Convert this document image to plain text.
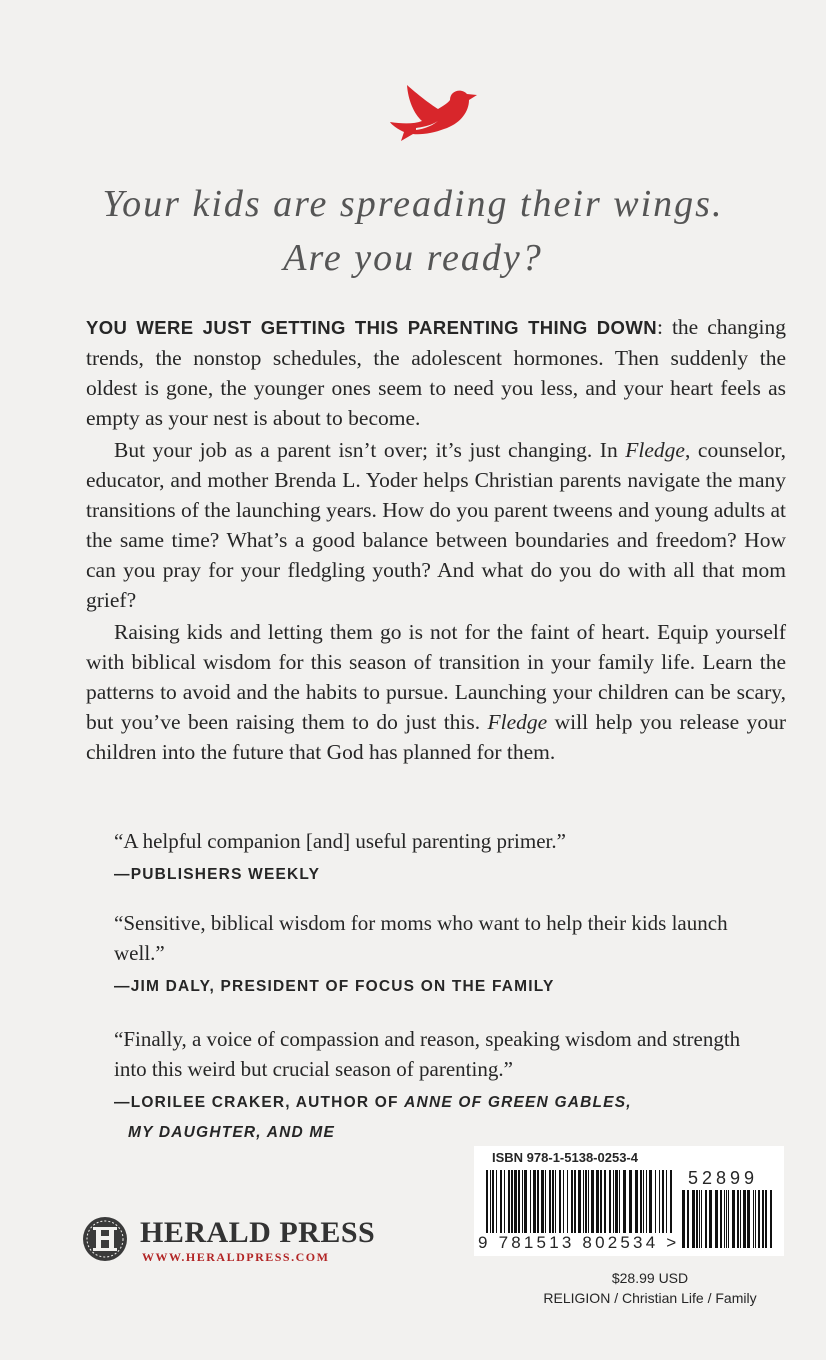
Your kids are spreading their wings.
Are you ready?

YOU WERE JUST GETTING THIS PARENTING THING DOWN: the changing trends, the nonstop schedules, the adolescent hormones. Then suddenly the oldest is gone, the younger ones seem to need you less, and your heart feels as empty as your nest is about to become.

But your job as a parent isn’t over; it’s just changing. In Fledge, counselor, educator, and mother Brenda L. Yoder helps Christian parents navigate the many transitions of the launching years. How do you parent tweens and young adults at the same time? What’s a good balance between boundaries and freedom? How can you pray for your fledgling youth? And what do you do with all that mom grief?

Raising kids and letting them go is not for the faint of heart. Equip yourself with biblical wisdom for this season of transition in your family life. Learn the patterns to avoid and the habits to pursue. Launching your children can be scary, but you’ve been raising them to do just this. Fledge will help you release your children into the future that God has planned for them.

“A helpful companion [and] useful parenting primer.”
—PUBLISHERS WEEKLY
“Sensitive, biblical wisdom for moms who want to help their kids launch well.”
—JIM DALY, PRESIDENT OF FOCUS ON THE FAMILY
“Finally, a voice of compassion and reason, speaking wisdom and strength into this weird but crucial season of parenting.”
—LORILEE CRAKER, AUTHOR OF ANNE OF GREEN GABLES,
MY DAUGHTER, AND ME
HERALD PRESS
WWW.HERALDPRESS.COM
ISBN 978-1-5138-0253-4
52899
9 781513 802534 >
$28.99 USD
RELIGION / Christian Life / Family
